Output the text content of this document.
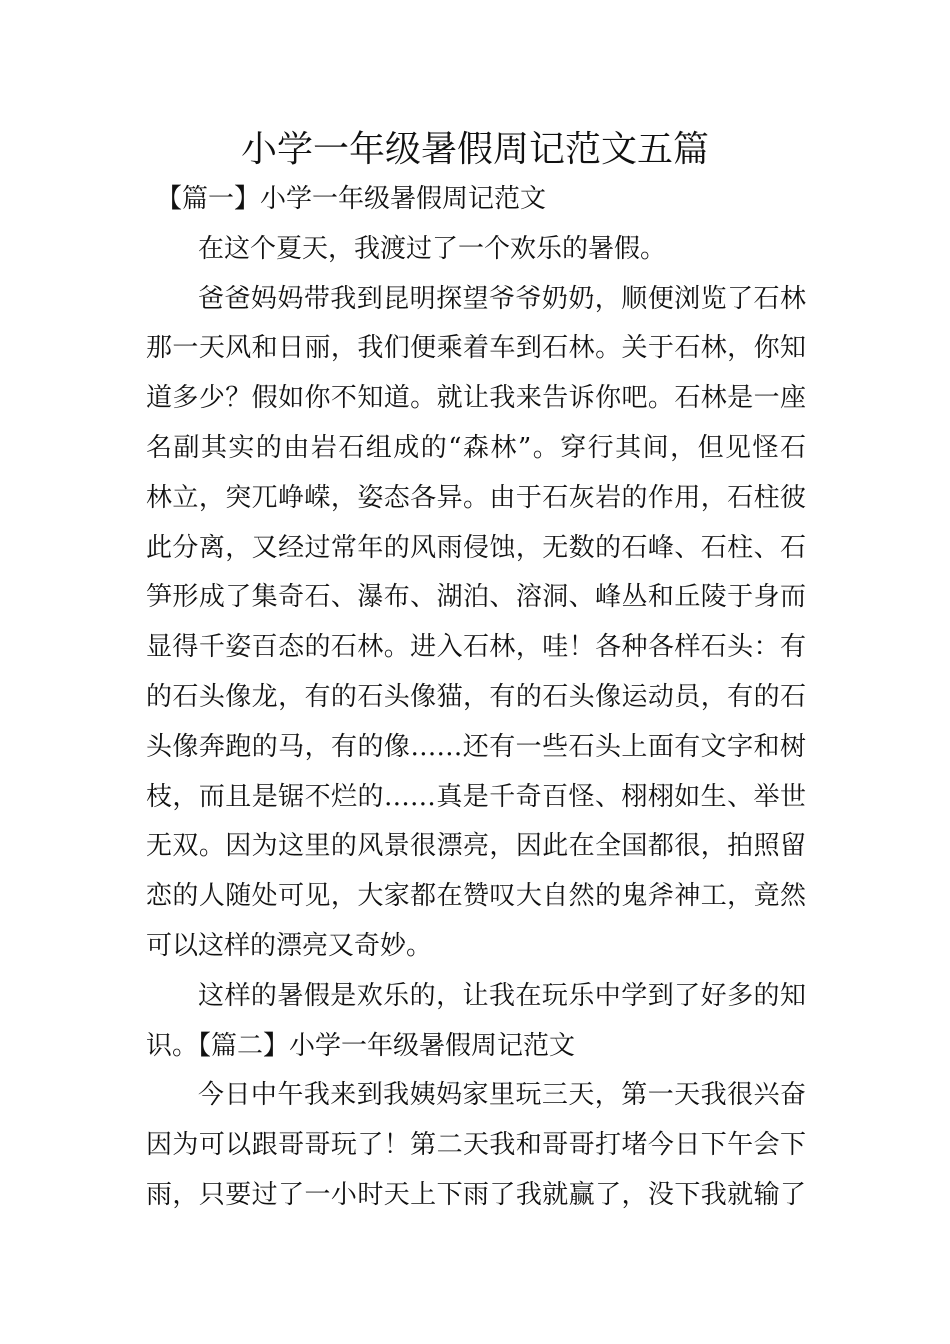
小学一年级暑假周记范文五篇
【篇一】小学一年级暑假周记范文
在这个夏天，我渡过了一个欢乐的暑假。
爸爸妈妈带我到昆明探望爷爷奶奶，顺便浏览了石林
那一天风和日丽，我们便乘着车到石林。关于石林，你知
道多少？假如你不知道。就让我来告诉你吧。石林是一座
名副其实的由岩石组成的“森林”。穿行其间，但见怪石
林立，突兀峥嵘，姿态各异。由于石灰岩的作用，石柱彼
此分离，又经过常年的风雨侵蚀，无数的石峰、石柱、石
笋形成了集奇石、瀑布、湖泊、溶洞、峰丛和丘陵于身而
显得千姿百态的石林。进入石林，哇！各种各样石头：有
的石头像龙，有的石头像猫，有的石头像运动员，有的石
头像奔跑的马，有的像……还有一些石头上面有文字和树
枝，而且是锯不烂的……真是千奇百怪、栩栩如生、举世
无双。因为这里的风景很漂亮，因此在全国都很，拍照留
恋的人随处可见，大家都在赞叹大自然的鬼斧神工，竟然
可以这样的漂亮又奇妙。
这样的暑假是欢乐的，让我在玩乐中学到了好多的知
识。【篇二】小学一年级暑假周记范文
今日中午我来到我姨妈家里玩三天，第一天我很兴奋
因为可以跟哥哥玩了！第二天我和哥哥打堵今日下午会下
雨，只要过了一小时天上下雨了我就赢了，没下我就输了
